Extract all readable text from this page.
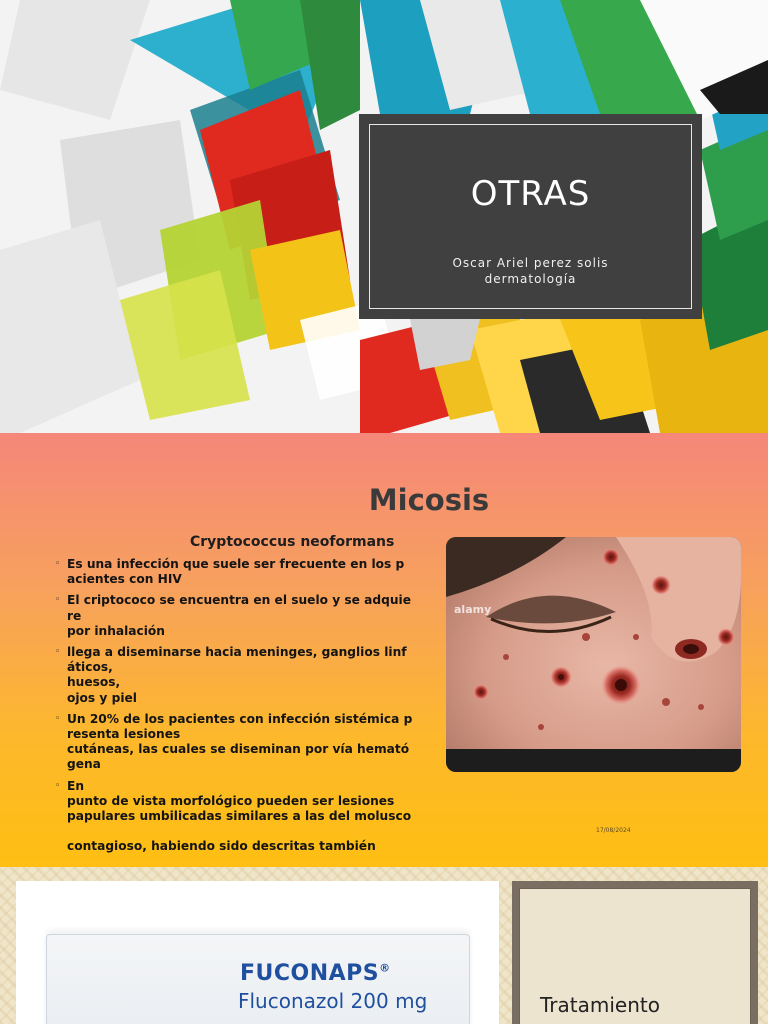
OTRAS
Oscar Ariel perez solis
dermatología
Micosis
Cryptococcus neoformans
◦ Es una infección que suele ser frecuente en los p
acientes con HIV
◦ El criptococo se encuentra en el suelo y se adquie
re
por inhalación
◦ llega a diseminarse hacia meninges, ganglios linf
áticos,
huesos,
ojos y piel
◦ Un 20% de los pacientes con infección sistémica p
resenta lesiones
cutáneas, las cuales se diseminan por vía hemató
gena
◦ En
punto de vista morfológico pueden ser lesiones
papulares umbilicadas similares a las del molusco

contagioso, habiendo sido descritas también
alamy
17/08/2024
FUCONAPS®
Fluconazol 200 mg	Tratamiento
